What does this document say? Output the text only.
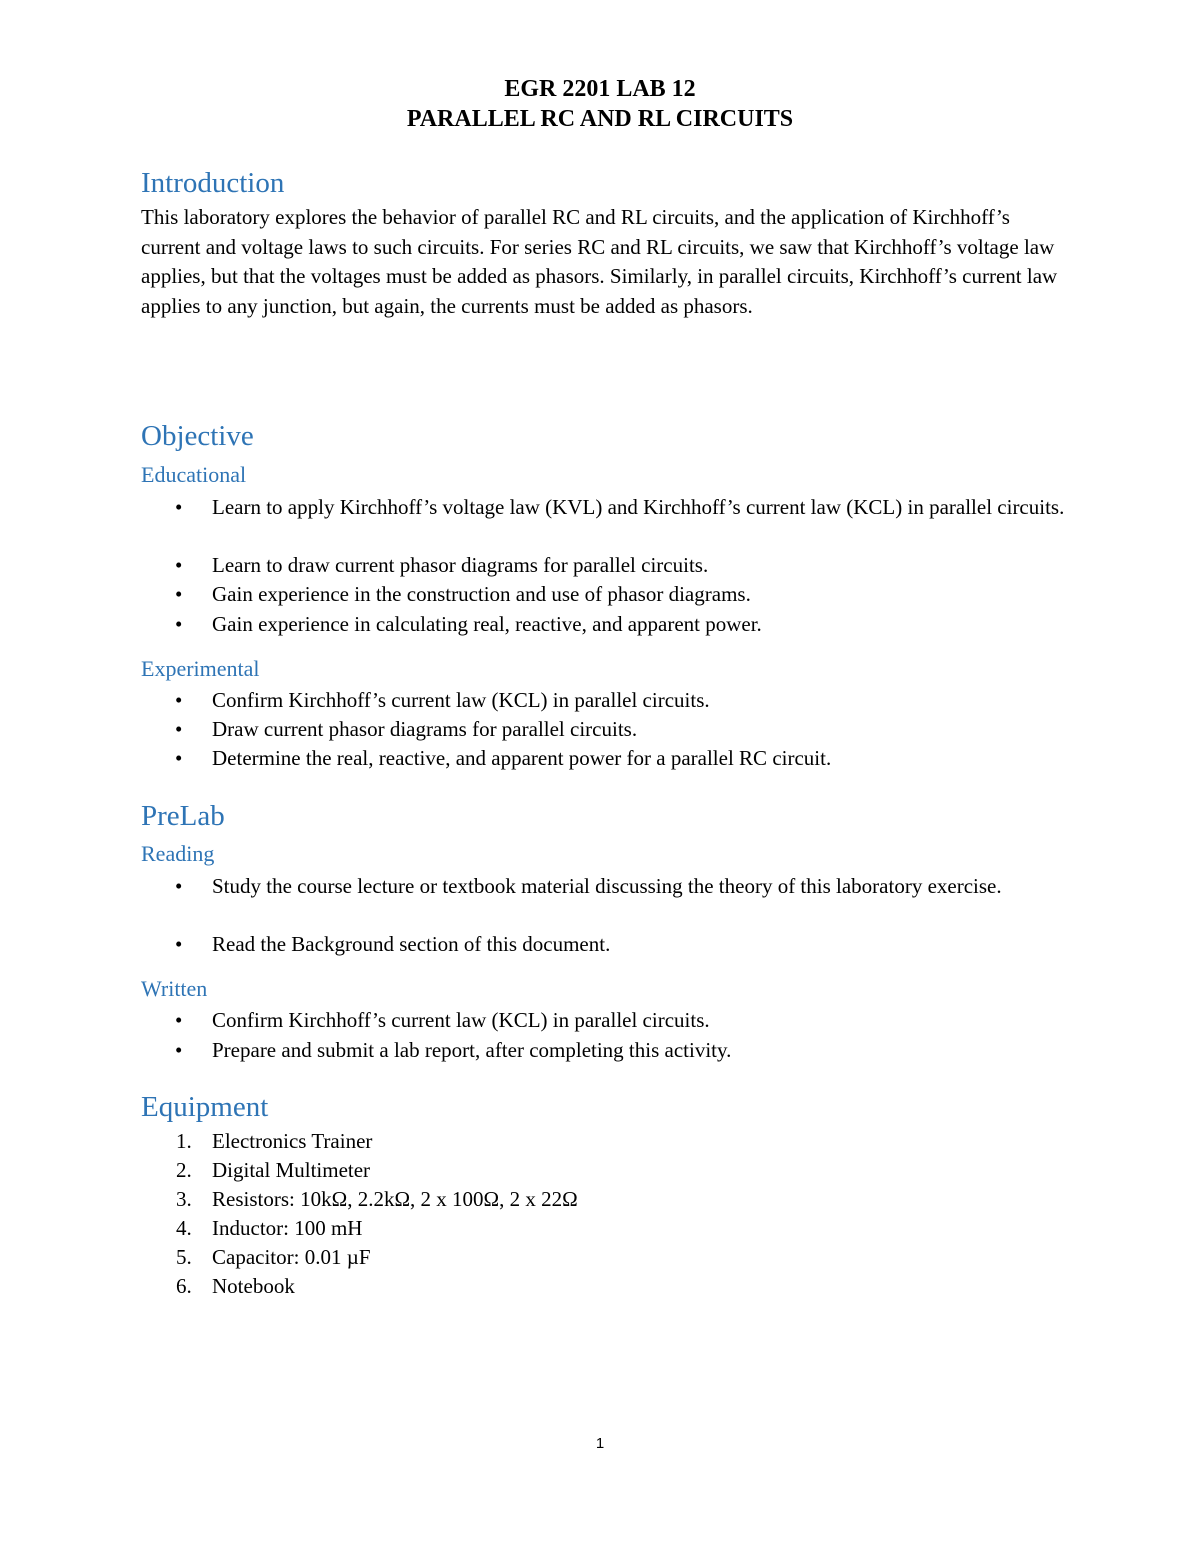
EGR 2201 LAB 12
PARALLEL RC AND RL CIRCUITS
Introduction

This laboratory explores the behavior of parallel RC and RL circuits, and the application of Kirchhoff’s current and voltage laws to such circuits. For series RC and RL circuits, we saw that Kirchhoff’s voltage law applies, but that the voltages must be added as phasors. Similarly, in parallel circuits, Kirchhoff’s current law applies to any junction, but again, the currents must be added as phasors.

Objective
Educational
•	Learn to apply Kirchhoff’s voltage law (KVL) and Kirchhoff’s current law (KCL) in parallel circuits.
•	Learn to draw current phasor diagrams for parallel circuits.
•	Gain experience in the construction and use of phasor diagrams.
•	Gain experience in calculating real, reactive, and apparent power.
Experimental
•	Confirm Kirchhoff’s current law (KCL) in parallel circuits.
•	Draw current phasor diagrams for parallel circuits.
•	Determine the real, reactive, and apparent power for a parallel RC circuit.
PreLab
Reading
•	Study the course lecture or textbook material discussing the theory of this laboratory exercise.
•	Read the Background section of this document.
Written
•	Confirm Kirchhoff’s current law (KCL) in parallel circuits.
•	Prepare and submit a lab report, after completing this activity.
Equipment
1. Electronics Trainer
2. Digital Multimeter
3. Resistors: 10kΩ, 2.2kΩ, 2 x 100Ω, 2 x 22Ω
4. Inductor: 100 mH
5. Capacitor: 0.01 µF
6. Notebook
1
